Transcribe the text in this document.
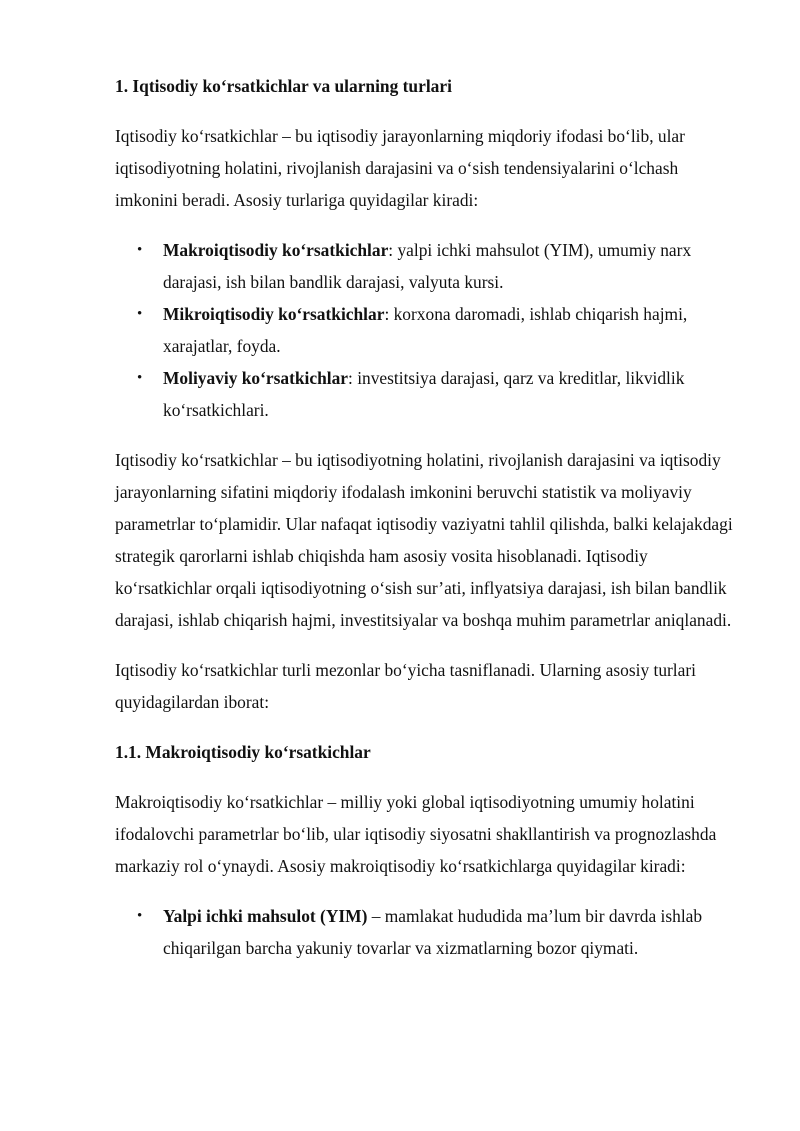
1. Iqtisodiy ko‘rsatkichlar va ularning turlari

Iqtisodiy ko‘rsatkichlar – bu iqtisodiy jarayonlarning miqdoriy ifodasi bo‘lib, ular iqtisodiyotning holatini, rivojlanish darajasini va o‘sish tendensiyalarini o‘lchash imkonini beradi. Asosiy turlariga quyidagilar kiradi:

• Makroiqtisodiy ko‘rsatkichlar: yalpi ichki mahsulot (YIM), umumiy narx darajasi, ish bilan bandlik darajasi, valyuta kursi.
• Mikroiqtisodiy ko‘rsatkichlar: korxona daromadi, ishlab chiqarish hajmi, xarajatlar, foyda.
• Moliyaviy ko‘rsatkichlar: investitsiya darajasi, qarz va kreditlar, likvidlik ko‘rsatkichlari.

Iqtisodiy ko‘rsatkichlar – bu iqtisodiyotning holatini, rivojlanish darajasini va iqtisodiy jarayonlarning sifatini miqdoriy ifodalash imkonini beruvchi statistik va moliyaviy parametrlar to‘plamidir. Ular nafaqat iqtisodiy vaziyatni tahlil qilishda, balki kelajakdagi strategik qarorlarni ishlab chiqishda ham asosiy vosita hisoblanadi. Iqtisodiy ko‘rsatkichlar orqali iqtisodiyotning o‘sish sur’ati, inflyatsiya darajasi, ish bilan bandlik darajasi, ishlab chiqarish hajmi, investitsiyalar va boshqa muhim parametrlar aniqlanadi.

Iqtisodiy ko‘rsatkichlar turli mezonlar bo‘yicha tasniflanadi. Ularning asosiy turlari quyidagilardan iborat:

1.1. Makroiqtisodiy ko‘rsatkichlar

Makroiqtisodiy ko‘rsatkichlar – milliy yoki global iqtisodiyotning umumiy holatini ifodalovchi parametrlar bo‘lib, ular iqtisodiy siyosatni shakllantirish va prognozlashda markaziy rol o‘ynaydi. Asosiy makroiqtisodiy ko‘rsatkichlarga quyidagilar kiradi:

• Yalpi ichki mahsulot (YIM) – mamlakat hududida ma’lum bir davrda ishlab chiqarilgan barcha yakuniy tovarlar va xizmatlarning bozor qiymati.
